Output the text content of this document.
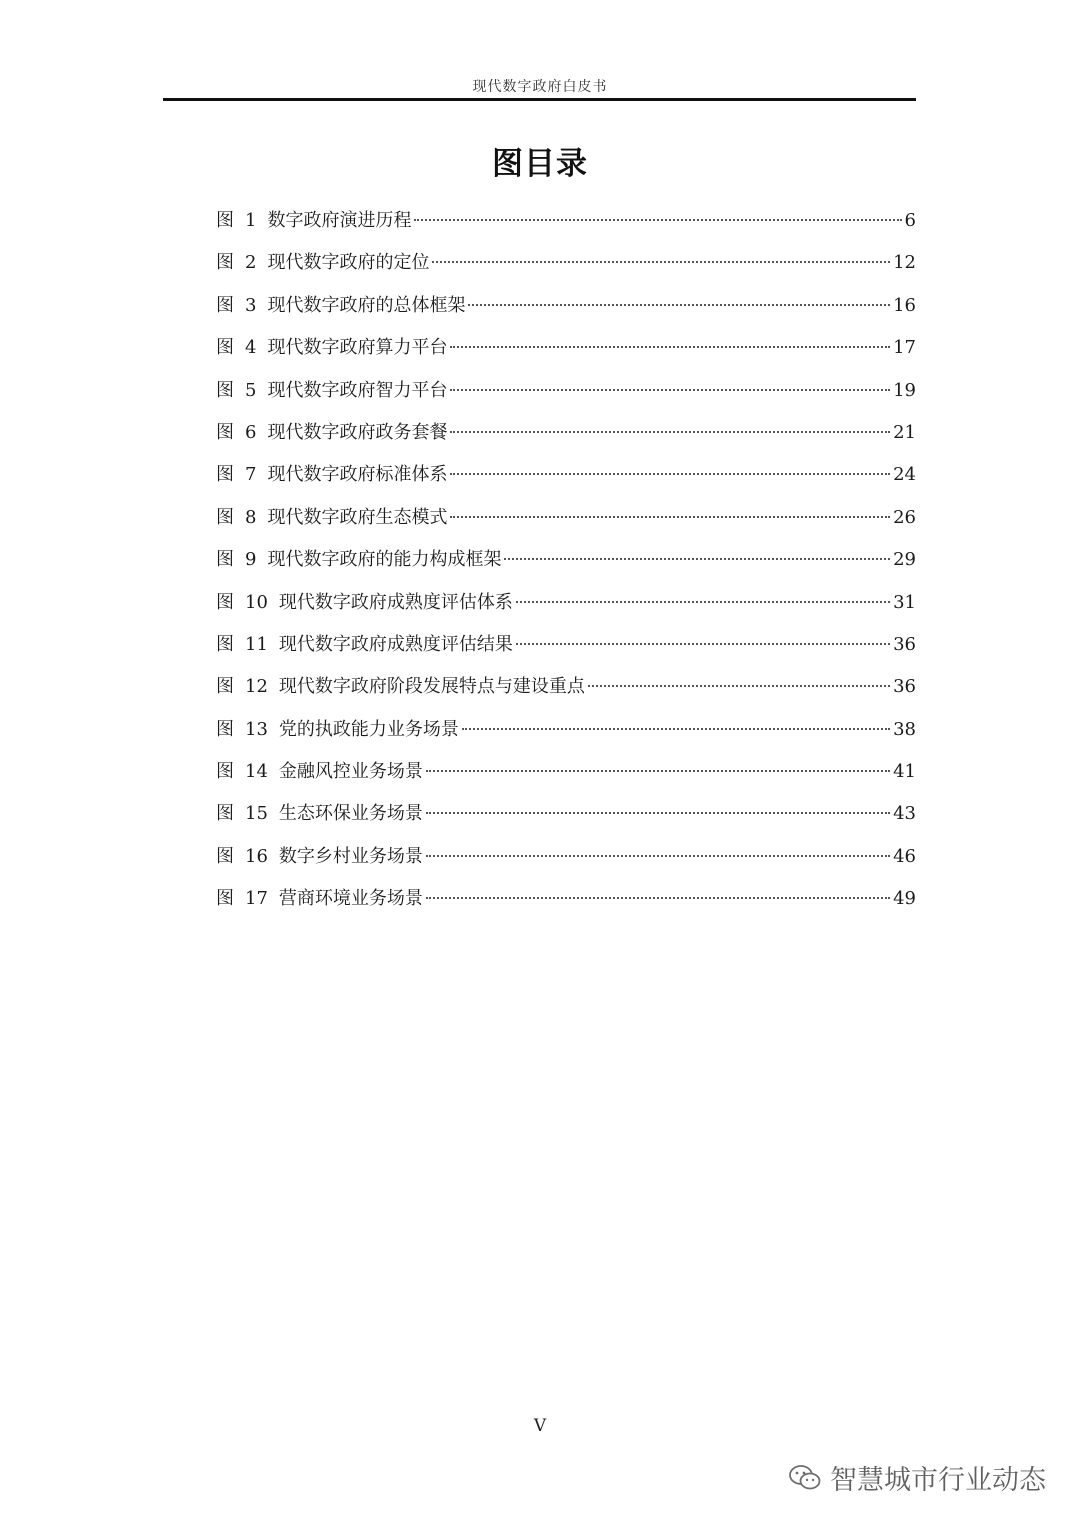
现代数字政府白皮书
图目录
图 1 数字政府演进历程	6
图 2 现代数字政府的定位	12
图 3 现代数字政府的总体框架	16
图 4 现代数字政府算力平台	17
图 5 现代数字政府智力平台	19
图 6 现代数字政府政务套餐	21
图 7 现代数字政府标准体系	24
图 8 现代数字政府生态模式	26
图 9 现代数字政府的能力构成框架	29
图 10 现代数字政府成熟度评估体系	31
图 11 现代数字政府成熟度评估结果	36
图 12 现代数字政府阶段发展特点与建设重点	36
图 13 党的执政能力业务场景	38
图 14 金融风控业务场景	41
图 15 生态环保业务场景	43
图 16 数字乡村业务场景	46
图 17 营商环境业务场景	49
V
智慧城市行业动态
